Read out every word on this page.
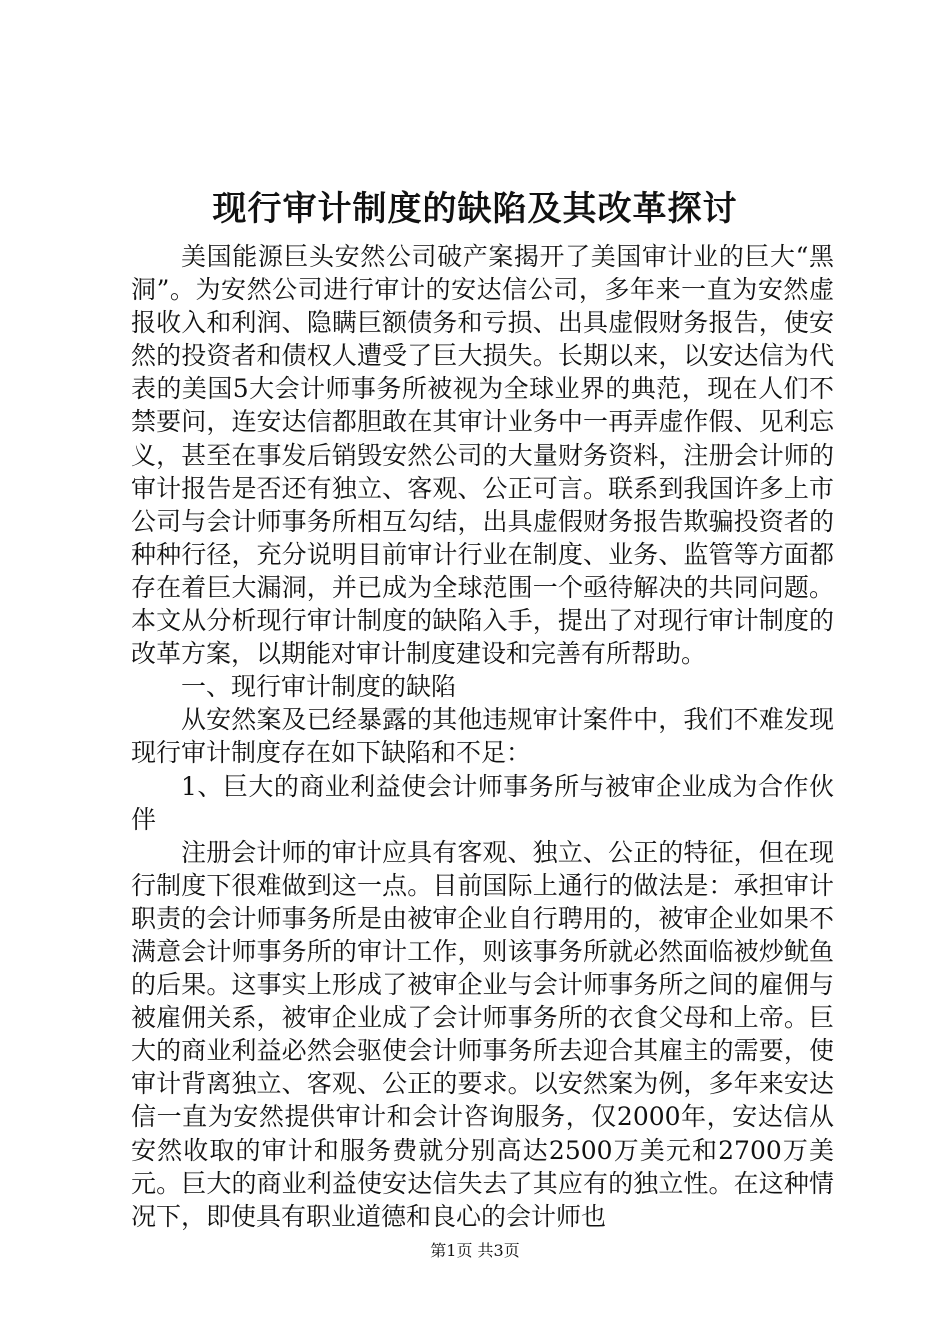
现行审计制度的缺陷及其改革探讨

美国能源巨头安然公司破产案揭开了美国审计业的巨大“黑洞”。为安然公司进行审计的安达信公司，多年来一直为安然虚报收入和利润、隐瞒巨额债务和亏损、出具虚假财务报告，使安然的投资者和债权人遭受了巨大损失。长期以来，以安达信为代表的美国5大会计师事务所被视为全球业界的典范，现在人们不禁要问，连安达信都胆敢在其审计业务中一再弄虚作假、见利忘义，甚至在事发后销毁安然公司的大量财务资料，注册会计师的审计报告是否还有独立、客观、公正可言。联系到我国许多上市公司与会计师事务所相互勾结，出具虚假财务报告欺骗投资者的种种行径，充分说明目前审计行业在制度、业务、监管等方面都存在着巨大漏洞，并已成为全球范围一个亟待解决的共同问题。本文从分析现行审计制度的缺陷入手，提出了对现行审计制度的改革方案，以期能对审计制度建设和完善有所帮助。

一、现行审计制度的缺陷

从安然案及已经暴露的其他违规审计案件中，我们不难发现现行审计制度存在如下缺陷和不足：

1、巨大的商业利益使会计师事务所与被审企业成为合作伙伴

注册会计师的审计应具有客观、独立、公正的特征，但在现行制度下很难做到这一点。目前国际上通行的做法是：承担审计职责的会计师事务所是由被审企业自行聘用的，被审企业如果不满意会计师事务所的审计工作，则该事务所就必然面临被炒鱿鱼的后果。这事实上形成了被审企业与会计师事务所之间的雇佣与被雇佣关系，被审企业成了会计师事务所的衣食父母和上帝。巨大的商业利益必然会驱使会计师事务所去迎合其雇主的需要，使审计背离独立、客观、公正的要求。以安然案为例，多年来安达信一直为安然提供审计和会计咨询服务，仅2000年，安达信从安然收取的审计和服务费就分别高达2500万美元和2700万美元。巨大的商业利益使安达信失去了其应有的独立性。在这种情况下，即使具有职业道德和良心的会计师也

第1页 共3页
